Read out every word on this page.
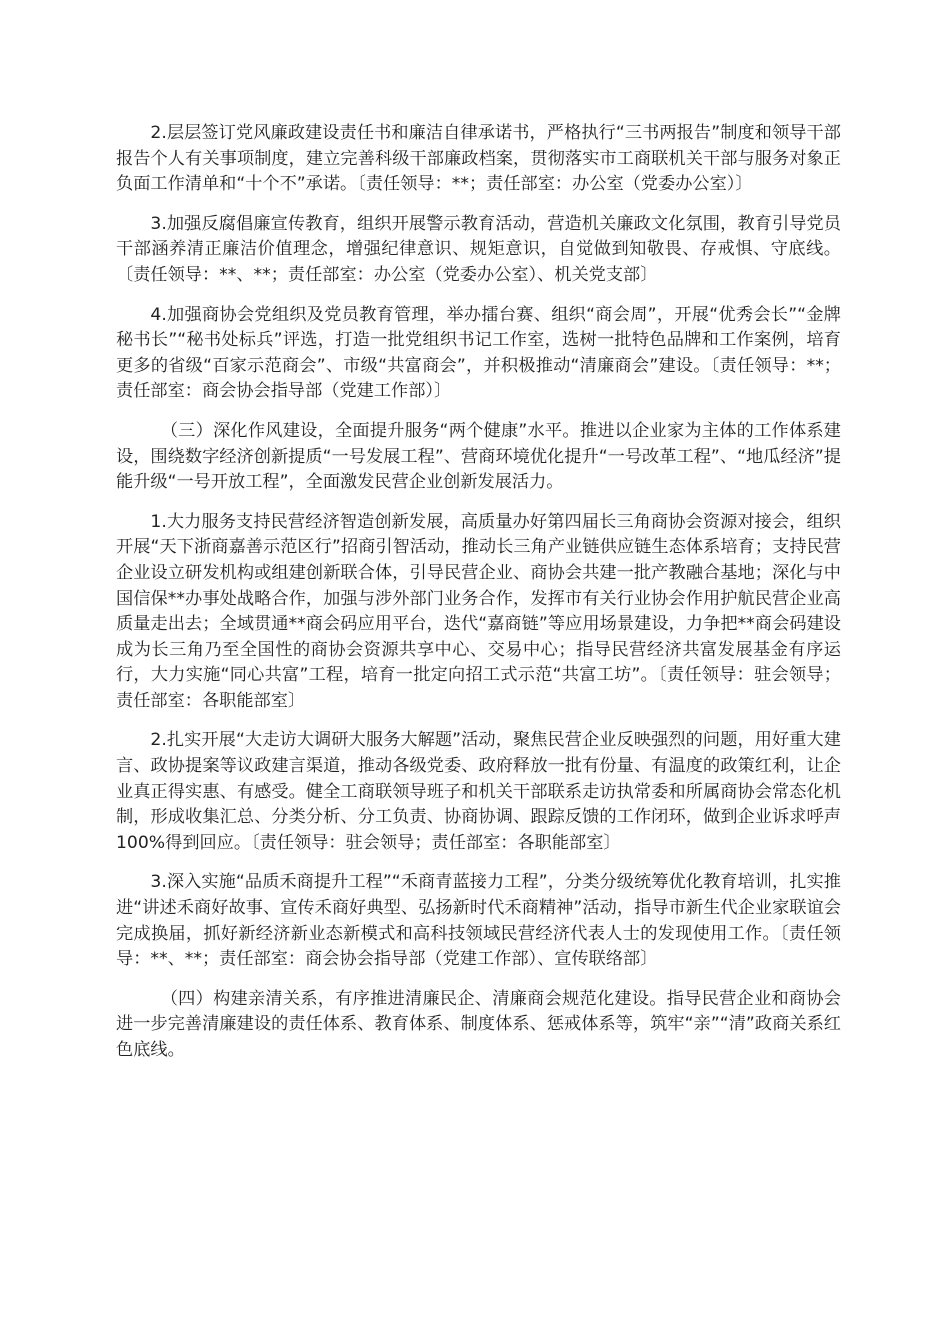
2.层层签订党风廉政建设责任书和廉洁自律承诺书，严格执行“三书两报告”制度和领导干部报告个人有关事项制度，建立完善科级干部廉政档案，贯彻落实市工商联机关干部与服务对象正负面工作清单和“十个不”承诺。〔责任领导：**；责任部室：办公室（党委办公室）〕

3.加强反腐倡廉宣传教育，组织开展警示教育活动，营造机关廉政文化氛围，教育引导党员干部涵养清正廉洁价值理念，增强纪律意识、规矩意识，自觉做到知敬畏、存戒惧、守底线。〔责任领导：**、**；责任部室：办公室（党委办公室）、机关党支部〕

4.加强商协会党组织及党员教育管理，举办擂台赛、组织“商会周”，开展“优秀会长”“金牌秘书长”“秘书处标兵”评选，打造一批党组织书记工作室，选树一批特色品牌和工作案例，培育更多的省级“百家示范商会”、市级“共富商会”，并积极推动“清廉商会”建设。〔责任领导：**；责任部室：商会协会指导部（党建工作部）〕

（三）深化作风建设，全面提升服务“两个健康”水平。推进以企业家为主体的工作体系建设，围绕数字经济创新提质“一号发展工程”、营商环境优化提升“一号改革工程”、“地瓜经济”提能升级“一号开放工程”，全面激发民营企业创新发展活力。

1.大力服务支持民营经济智造创新发展，高质量办好第四届长三角商协会资源对接会，组织开展“天下浙商嘉善示范区行”招商引智活动，推动长三角产业链供应链生态体系培育；支持民营企业设立研发机构或组建创新联合体，引导民营企业、商协会共建一批产教融合基地；深化与中国信保**办事处战略合作，加强与涉外部门业务合作，发挥市有关行业协会作用护航民营企业高质量走出去；全域贯通**商会码应用平台，迭代“嘉商链”等应用场景建设，力争把**商会码建设成为长三角乃至全国性的商协会资源共享中心、交易中心；指导民营经济共富发展基金有序运行，大力实施“同心共富”工程，培育一批定向招工式示范“共富工坊”。〔责任领导：驻会领导；责任部室：各职能部室〕

2.扎实开展“大走访大调研大服务大解题”活动，聚焦民营企业反映强烈的问题，用好重大建言、政协提案等议政建言渠道，推动各级党委、政府释放一批有份量、有温度的政策红利，让企业真正得实惠、有感受。健全工商联领导班子和机关干部联系走访执常委和所属商协会常态化机制，形成收集汇总、分类分析、分工负责、协商协调、跟踪反馈的工作闭环，做到企业诉求呼声100%得到回应。〔责任领导：驻会领导；责任部室：各职能部室〕

3.深入实施“品质禾商提升工程”“禾商青蓝接力工程”，分类分级统筹优化教育培训，扎实推进“讲述禾商好故事、宣传禾商好典型、弘扬新时代禾商精神”活动，指导市新生代企业家联谊会完成换届，抓好新经济新业态新模式和高科技领域民营经济代表人士的发现使用工作。〔责任领导：**、**；责任部室：商会协会指导部（党建工作部）、宣传联络部〕

（四）构建亲清关系，有序推进清廉民企、清廉商会规范化建设。指导民营企业和商协会进一步完善清廉建设的责任体系、教育体系、制度体系、惩戒体系等，筑牢“亲”“清”政商关系红色底线。
